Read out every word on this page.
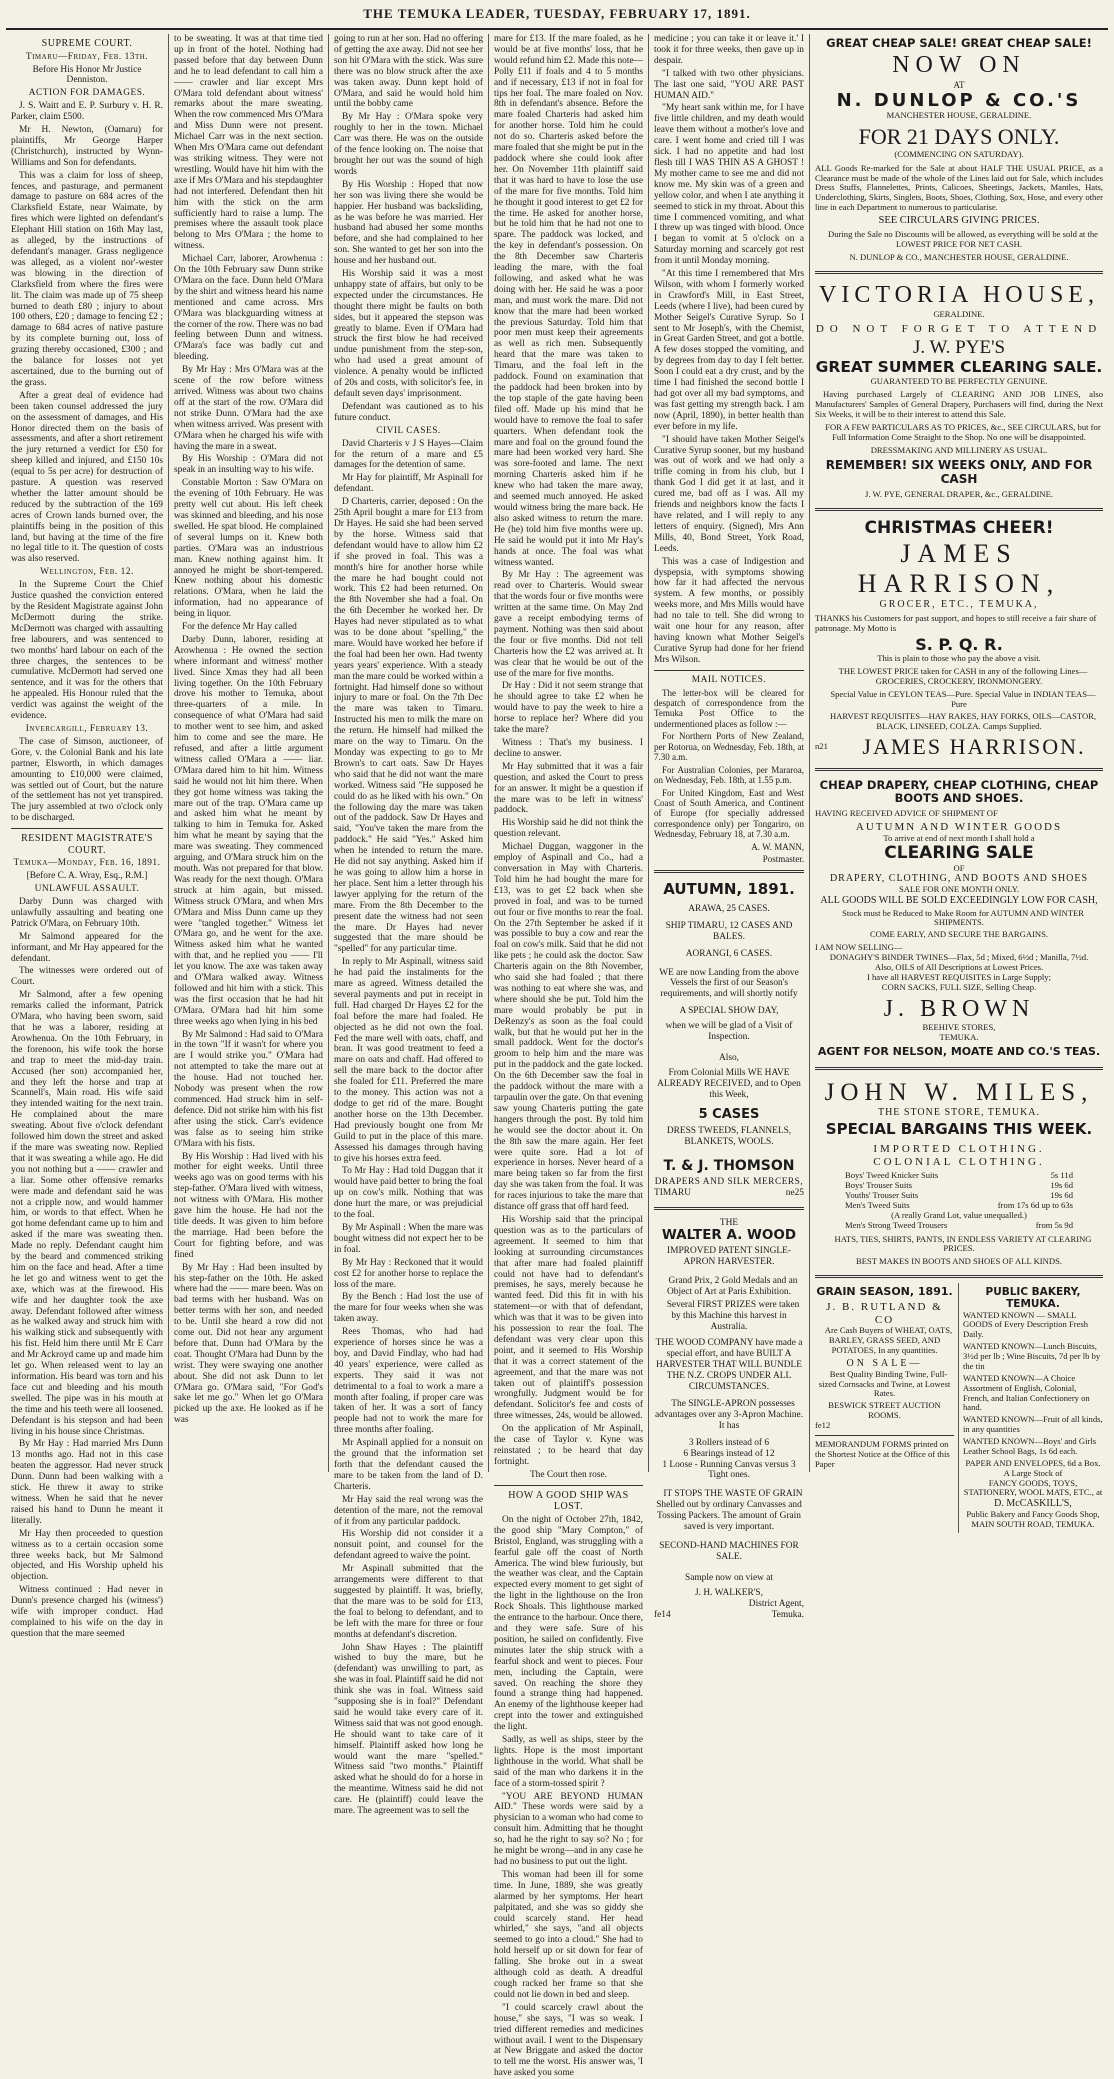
THE TEMUKA LEADER, TUESDAY, FEBRUARY 17, 1891.
SUPREME COURT.

Timaru—Friday, Feb. 13th.

Before His Honor Mr Justice Denniston.

ACTION FOR DAMAGES.

J. S. Waitt and E. P. Surbury v. H. R. Parker, claim £500.

Mr H. Newton, (Oamaru) for plaintiffs, Mr George Harper (Christchurch), instructed by Wynn-Williams and Son for defendants.

This was a claim for loss of sheep, fences, and pasturage, and permanent damage to pasture on 684 acres of the Clarksfield Estate, near Waimate, by fires which were lighted on defendant's Elephant Hill station on 16th May last, as alleged, by the instructions of defendant's manager. Grass negligence was alleged, as a violent nor'-wester was blowing in the direction of Clarksfield from where the fires were lit. The claim was made up of 75 sheep burned to death £80 ; injury to about 100 others, £20 ; damage to fencing £2 ; damage to 684 acres of native pasture by its complete burning out, loss of grazing thereby occasioned, £300 ; and the balance for losses not yet ascertained, due to the burning out of the grass.

After a great deal of evidence had been taken counsel addressed the jury on the assessment of damages, and His Honor directed them on the basis of assessments, and after a short retirement the jury returned a verdict for £50 for sheep killed and injured, and £150 10s (equal to 5s per acre) for destruction of pasture. A question was reserved whether the latter amount should be reduced by the subtraction of the 169 acres of Crown lands burned over, the plaintiffs being in the position of this land, but having at the time of the fire no legal title to it. The question of costs was also reserved.

Wellington, Feb. 12.

In the Supreme Court the Chief Justice quashed the conviction entered by the Resident Magistrate against John McDermott during the strike. McDermott was charged with assaulting free labourers, and was sentenced to two months' hard labour on each of the three charges, the sentences to be cumulative. McDermott had served one sentence, and it was for the others that he appealed. His Honour ruled that the verdict was against the weight of the evidence.

Invercargill, February 13.

The case of Simson, auctioneer, of Gore, v. the Colonial Bank and his late partner, Elsworth, in which damages amounting to £10,000 were claimed, was settled out of Court, but the nature of the settlement has not yet transpired. The jury assembled at two o'clock only to be discharged.

RESIDENT MAGISTRATE'S COURT.

Temuka—Monday, Feb. 16, 1891.

[Before C. A. Wray, Esq., R.M.]

UNLAWFUL ASSAULT.

Darby Dunn was charged with unlawfully assaulting and beating one Patrick O'Mara, on February 10th.

Mr Salmond appeared for the informant, and Mr Hay appeared for the defendant.

The witnesses were ordered out of Court.

Mr Salmond, after a few opening remarks called the informant, Patrick O'Mara, who having been sworn, said that he was a laborer, residing at Arowhenua. On the 10th February, in the forenoon, his wife took the horse and trap to meet the mid-day train. Accused (her son) accompanied her, and they left the horse and trap at Scannell's, Main road. His wife said they intended waiting for the next train. He complained about the mare sweating. About five o'clock defendant followed him down the street and asked if the mare was sweating now. Replied that it was sweating a while ago. He did you not nothing but a —— crawler and a liar. Some other offensive remarks were made and defendant said he was not a cripple now, and would hammer him, or words to that effect. When he got home defendant came up to him and asked if the mare was sweating then. Made no reply. Defendant caught him by the beard and commenced striking him on the face and head. After a time he let go and witness went to get the axe, which was at the firewood. His wife and her daughter took the axe away. Defendant followed after witness as he walked away and struck him with his walking stick and subsequently with his fist. Held him there until Mr E Carr and Mr Ackroyd came up and made him let go. When released went to lay an information. His beard was torn and his face cut and bleeding and his mouth swelled. The pipe was in his mouth at the time and his teeth were all loosened. Defendant is his stepson and had been living in his house since Christmas.

By Mr Hay : Had married Mrs Dunn 13 months ago. Had not in this case beaten the aggressor. Had never struck Dunn. Dunn had been walking with a stick. He threw it away to strike witness. When he said that he never raised his hand to Dunn he meant it literally.

Mr Hay then proceeded to question witness as to a certain occasion some three weeks back, but Mr Salmond objected, and His Worship upheld his objection.

Witness continued : Had never in Dunn's presence charged his (witness') wife with improper conduct. Had complained to his wife on the day in question that the mare seemed

to be sweating. It was at that time tied up in front of the hotel. Nothing had passed before that day between Dunn and he to lead defendant to call him a —— crawler and liar except Mrs O'Mara told defendant about witness' remarks about the mare sweating. When the row commenced Mrs O'Mara and Miss Dunn were not present. Michael Carr was in the next section. When Mrs O'Mara came out defendant was striking witness. They were not wrestling. Would have hit him with the axe if Mrs O'Mara and his stepdaughter had not interfered. Defendant then hit him with the stick on the arm sufficiently hard to raise a lump. The premises where the assault took place belong to Mrs O'Mara ; the home to witness.

Michael Carr, laborer, Arowhenua : On the 10th February saw Dunn strike O'Mara on the face. Dunn held O'Mara by the shirt and witness heard his name mentioned and came across. Mrs O'Mara was blackguarding witness at the corner of the row. There was no bad feeling between Dunn and witness. O'Mara's face was badly cut and bleeding.

By Mr Hay : Mrs O'Mara was at the scene of the row before witness arrived. Witness was about two chains off at the start of the row. O'Mara did not strike Dunn. O'Mara had the axe when witness arrived. Was present with O'Mara when he charged his wife with having the mare in a sweat.

By His Worship : O'Mara did not speak in an insulting way to his wife.

Constable Morton : Saw O'Mara on the evening of 10th February. He was pretty well cut about. His left cheek was skinned and bleeding, and his nose swelled. He spat blood. He complained of several lumps on it. Knew both parties. O'Mara was an industrious man. Knew nothing against him. It annoyed he might be short-tempered. Knew nothing about his domestic relations. O'Mara, when he laid the information, had no appearance of being in liquor.

For the defence Mr Hay called

Darby Dunn, laborer, residing at Arowhenua : He owned the section where informant and witness' mother lived. Since Xmas they had all been living together. On the 10th February drove his mother to Temuka, about three-quarters of a mile. In consequence of what O'Mara had said to mother went to see him, and asked him to come and see the mare. He refused, and after a little argument witness called O'Mara a —— liar. O'Mara dared him to hit him. Witness said he would not hit him there. When they got home witness was taking the mare out of the trap. O'Mara came up and asked him what he meant by talking to him in Temuka for. Asked him what he meant by saying that the mare was sweating. They commenced arguing, and O'Mara struck him on the mouth. Was not prepared for that blow. Was ready for the next though. O'Mara struck at him again, but missed. Witness struck O'Mara, and when Mrs O'Mara and Miss Dunn came up they were "tangled together." Witness let O'Mara go, and he went for the axe. Witness asked him what he wanted with that, and he replied you —— I'll let you know. The axe was taken away and O'Mara walked away. Witness followed and hit him with a stick. This was the first occasion that he had hit O'Mara. O'Mara had hit him some three weeks ago when lying in his bed

By Mr Salmond : Had said to O'Mara in the town "If it wasn't for where you are I would strike you." O'Mara had not attempted to take the mare out at the house. Had not touched her. Nobody was present when the row commenced. Had struck him in self-defence. Did not strike him with his fist after using the stick. Carr's evidence was false as to seeing him strike O'Mara with his fists.

By His Worship : Had lived with his mother for eight weeks. Until three weeks ago was on good terms with his step-father. O'Mara lived with witness, not witness with O'Mara. His mother gave him the house. He had not the title deeds. It was given to him before the marriage. Had been before the Court for fighting before, and was fined

By Mr Hay : Had been insulted by his step-father on the 10th. He asked where had the —— mare been. Was on bad terms with her husband. Was on better terms with her son, and needed to be. Until she heard a row did not come out. Did not hear any argument before that. Dunn had O'Mara by the coat. Thought O'Mara had Dunn by the wrist. They were swaying one another about. She did not ask Dunn to let O'Mara go. O'Mara said, "For God's sake let me go." When let go O'Mara picked up the axe. He looked as if he was

going to run at her son. Had no offering of getting the axe away. Did not see her son hit O'Mara with the stick. Was sure there was no blow struck after the axe was taken away. Dunn kept hold of O'Mara, and said he would hold him until the bobby came

By Mr Hay : O'Mara spoke very roughly to her in the town. Michael Carr was there. He was on the outside of the fence looking on. The noise that brought her out was the sound of high words

By His Worship : Hoped that now her son was living there she would be happier. Her husband was backsliding, as he was before he was married. Her husband had abused her some months before, and she had complained to her son. She wanted to get her son into the house and her husband out.

His Worship said it was a most unhappy state of affairs, but only to be expected under the circumstances. He thought there might be faults on both sides, but it appeared the stepson was greatly to blame. Even if O'Mara had struck the first blow he had received undue punishment from the step-son, who had used a great amount of violence. A penalty would be inflicted of 20s and costs, with solicitor's fee, in default seven days' imprisonment.

Defendant was cautioned as to his future conduct.

CIVIL CASES.

David Charteris v J S Hayes—Claim for the return of a mare and £5 damages for the detention of same.

Mr Hay for plaintiff, Mr Aspinall for defendant.

D Charteris, carrier, deposed : On the 25th April bought a mare for £13 from Dr Hayes. He said she had been served by the horse. Witness said that defendant would have to allow him £2 if she proved in foal. This was a month's hire for another horse while the mare he had bought could not work. This £2 had been returned. On the 8th November she had a foal. On the 6th December he worked her. Dr Hayes had never stipulated as to what was to be done about "spelling," the mare. Would have worked her before if the foal had been her own. Had twenty years years' experience. With a steady man the mare could be worked within a fortnight. Had himself done so without injury to mare or foal. On the 7th Dec the mare was taken to Timaru. Instructed his men to milk the mare on the return. He himself had milked the mare on the way to Timaru. On the Monday was expecting to go to Mr Brown's to cart oats. Saw Dr Hayes who said that he did not want the mare worked. Witness said "He supposed he could do as he liked with his own." On the following day the mare was taken out of the paddock. Saw Dr Hayes and said, "You've taken the mare from the paddock." He said "Yes." Asked him when he intended to return the mare. He did not say anything. Asked him if he was going to allow him a horse in her place. Sent him a letter through his lawyer applying for the return of the mare. From the 8th December to the present date the witness had not seen the mare. Dr Hayes had never suggested that the mare should be "spelled" for any particular time.

In reply to Mr Aspinall, witness said he had paid the instalments for the mare as agreed. Witness detailed the several payments and put in receipt in full. Had charged Dr Hayes £2 for the foal before the mare had foaled. He objected as he did not own the foal. Fed the mare well with oats, chaff, and bran. It was good treatment to feed a mare on oats and chaff. Had offered to sell the mare back to the doctor after she foaled for £11. Preferred the mare to the money. This action was not a dodge to get rid of the mare. Bought another horse on the 13th December. Had previously bought one from Mr Guild to put in the place of this mare. Assessed his damages through having to give his horses extra feed.

To Mr Hay : Had told Duggan that it would have paid better to bring the foal up on cow's milk. Nothing that was done hurt the mare, or was prejudicial to the foal.

By Mr Aspinall : When the mare was bought witness did not expect her to be in foal.

By Mr Hay : Reckoned that it would cost £2 for another horse to replace the loss of the mare.

By the Bench : Had lost the use of the mare for four weeks when she was taken away.

Rees Thomas, who had had experience of horses since he was a boy, and David Findlay, who had had 40 years' experience, were called as experts. They said it was not detrimental to a foal to work a mare a month after foaling, if proper care was taken of her. It was a sort of fancy people had not to work the mare for three months after foaling.

Mr Aspinall applied for a nonsuit on the ground that the information set forth that the defendant caused the mare to be taken from the land of D. Charteris.

Mr Hay said the real wrong was the detention of the mare, not the removal of it from any particular paddock.

His Worship did not consider it a nonsuit point, and counsel for the defendant agreed to waive the point.

Mr Aspinall submitted that the arrangements were different to that suggested by plaintiff. It was, briefly, that the mare was to be sold for £13, the foal to belong to defendant, and to be left with the mare for three or four months at defendant's discretion.

John Shaw Hayes : The plaintiff wished to buy the mare, but he (defendant) was unwilling to part, as she was in foal. Plaintiff said he did not think she was in foal. Witness said "supposing she is in foal?" Defendant said he would take every care of it. Witness said that was not good enough. He should want to take care of it himself. Plaintiff asked how long he would want the mare "spelled." Witness said "two months." Plaintiff asked what he should do for a horse in the meantime. Witness said he did not care. He (plaintiff) could leave the mare. The agreement was to sell the

mare for £13. If the mare foaled, as he would be at five months' loss, that he would refund him £2. Made this note—Polly £11 if foals and 4 to 5 months and if necessary, £13 if not in foal for tips her foal. The mare foaled on Nov. 8th in defendant's absence. Before the mare foaled Charteris had asked him for another horse. Told him he could not do so. Charteris asked before the mare foaled that she might be put in the paddock where she could look after her. On November 11th plaintiff said that it was hard to have to lose the use of the mare for five months. Told him he thought it good interest to get £2 for the time. He asked for another horse, but he told him that he had not one to spare. The paddock was locked, and the key in defendant's possession. On the 8th December saw Charteris leading the mare, with the foal following, and asked what he was doing with her. He said he was a poor man, and must work the mare. Did not know that the mare had been worked the previous Saturday. Told him that poor men must keep their agreements as well as rich men. Subsequently heard that the mare was taken to Timaru, and the foal left in the paddock. Found on examination that the paddock had been broken into by the top staple of the gate having been filed off. Made up his mind that he would have to remove the foal to safer quarters. When defendant took the mare and foal on the ground found the mare had been worked very hard. She was sore-footed and lame. The next morning Charteris asked him if he knew who had taken the mare away, and seemed much annoyed. He asked would witness bring the mare back. He also asked witness to return the mare. He (he) told him five months were up. He said he would put it into Mr Hay's hands at once. The foal was what witness wanted.

By Mr Hay : The agreement was read over to Charteris. Would swear that the words four or five months were written at the same time. On May 2nd gave a receipt embodying terms of payment. Nothing was then said about the four or five months. Did not tell Charteris how the £2 was arrived at. It was clear that he would be out of the use of the mare for five months.

Dr Hay : Did it not seem strange that he should agree to take £2 when he would have to pay the week to hire a horse to replace her? Where did you take the mare?

Witness : That's my business. I decline to answer.

Mr Hay submitted that it was a fair question, and asked the Court to press for an answer. It might be a question if the mare was to be left in witness' paddock.

His Worship said he did not think the question relevant.

Michael Duggan, waggoner in the employ of Aspinall and Co., had a conversation in May with Charteris. Told him he had bought the mare for £13, was to get £2 back when she proved in foal, and was to be turned out four or five months to rear the foal. On the 27th September he asked if it was possible to buy a cow and rear the foal on cow's milk. Said that he did not like pets ; he could ask the doctor. Saw Charteris again on the 8th November, who said she had foaled ; that there was nothing to eat where she was, and where should she be put. Told him the mare would probably be put in DeRenzy's as soon as the foal could walk, but that he would put her in the small paddock. Went for the doctor's groom to help him and the mare was put in the paddock and the gate locked. On the 6th December saw the foal in the paddock without the mare with a tarpaulin over the gate. On that evening saw young Charteris putting the gate hangers through the post. By told him he would see the doctor about it. On the 8th saw the mare again. Her feet were quite sore. Had a lot of experience in horses. Never heard of a mare being taken so far from the first day she was taken from the foal. It was for races injurious to take the mare that distance off grass that off hard feed.

His Worship said that the principal question was as to the particulars of agreement. It seemed to him that looking at surrounding circumstances that after mare had foaled plaintiff could not have had to defendant's premises, he says, merely because he wanted feed. Did this fit in with his statement—or with that of defendant, which was that it was to be given into his possession to rear the foal. The defendant was very clear upon this point, and it seemed to His Worship that it was a correct statement of the agreement, and that the mare was not taken out of plaintiff's possession wrongfully. Judgment would be for defendant. Solicitor's fee and costs of three witnesses, 24s, would be allowed.

On the application of Mr Aspinall, the case of Taylor v. Kyne was reinstated ; to be heard that day fortnight.

The Court then rose.

HOW A GOOD SHIP WAS LOST.

On the night of October 27th, 1842, the good ship "Mary Compton," of Bristol, England, was struggling with a fearful gale off the coast of North America. The wind blew furiously, but the weather was clear, and the Captain expected every moment to get sight of the light in the lighthouse on the Iron Rock Shoals. This lighthouse marked the entrance to the harbour. Once there, and they were safe. Sure of his position, he sailed on confidently. Five minutes later the ship struck with a fearful shock and went to pieces. Four men, including the Captain, were saved. On reaching the shore they found a strange thing had happened. An enemy of the lighthouse keeper had crept into the tower and extinguished the light.

Sadly, as well as ships, steer by the lights. Hope is the most important lighthouse in the world. What shall be said of the man who darkens it in the face of a storm-tossed spirit ?

"YOU ARE BEYOND HUMAN AID." These words were said by a physician to a woman who had come to consult him. Admitting that he thought so, had he the right to say so? No ; for he might be wrong—and in any case he had no business to put out the light.

This woman had been ill for some time. In June, 1889, she was greatly alarmed by her symptoms. Her heart palpitated, and she was so giddy she could scarcely stand. Her head whirled," she says, "and all objects seemed to go into a cloud." She had to hold herself up or sit down for fear of falling. She broke out in a sweat although cold as death. A dreadful cough racked her frame so that she could not lie down in bed and sleep.

"I could scarcely crawl about the house," she says, "I was so weak. I tried different remedies and medicines without avail. I went to the Dispensary at New Briggate and asked the doctor to tell me the worst. His answer was, 'I have asked you some

medicine ; you can take it or leave it.' I took it for three weeks, then gave up in despair.

"I talked with two other physicians. The last one said, "YOU ARE PAST HUMAN AID."

"My heart sank within me, for I have five little children, and my death would leave them without a mother's love and care. I went home and cried till I was sick. I had no appetite and had lost flesh till I WAS THIN AS A GHOST ! My mother came to see me and did not know me. My skin was of a green and yellow color, and when I ate anything it seemed to stick in my throat. About this time I commenced vomiting, and what I threw up was tinged with blood. Once I began to vomit at 5 o'clock on a Saturday morning and scarcely got rest from it until Monday morning.

"At this time I remembered that Mrs Wilson, with whom I formerly worked in Crawford's Mill, in East Street, Leeds (where I live), had been cured by Mother Seigel's Curative Syrup. So I sent to Mr Joseph's, with the Chemist, in Great Garden Street, and got a bottle. A few doses stopped the vomiting, and by degrees from day to day I felt better. Soon I could eat a dry crust, and by the time I had finished the second bottle I had got over all my bad symptoms, and was fast getting my strength back. I am now (April, 1890), in better health than ever before in my life.

"I should have taken Mother Seigel's Curative Syrup sooner, but my husband was out of work and we had only a trifle coming in from his club, but I thank God I did get it at last, and it cured me, bad off as I was. All my friends and neighbors know the facts I have related, and I will reply to any letters of enquiry. (Signed), Mrs Ann Mills, 40, Bond Street, York Road, Leeds.

This was a case of Indigestion and dyspepsia, with symptoms showing how far it had affected the nervous system. A few months, or possibly weeks more, and Mrs Mills would have had no tale to tell. She did wrong to wait one hour for any reason, after having known what Mother Seigel's Curative Syrup had done for her friend Mrs Wilson.

MAIL NOTICES.

The letter-box will be cleared for despatch of correspondence from the Temuka Post Office to the undermentioned places as follow :—

For Northern Ports of New Zealand, per Rotorua, on Wednesday, Feb. 18th, at 7.30 a.m.

For Australian Colonies, per Mararoa, on Wednesday, Feb. 18th, at 1.55 p.m.

For United Kingdom, East and West Coast of South America, and Continent of Europe (for specially addressed correspondence only) per Tongariro, on Wednesday, February 18, at 7.30 a.m.

A. W. MANN,

Postmaster.

AUTUMN, 1891.
ARAWA, 25 CASES.
SHIP TIMARU, 12 CASES AND BALES.
AORANGI, 6 CASES.

WE are now Landing from the above Vessels the first of our Season's requirements, and will shortly notify

A SPECIAL SHOW DAY,
when we will be glad of a Visit of Inspection.
Also,
From Colonial Mills WE HAVE ALREADY RECEIVED, and to Open this Week,
5 CASES
DRESS TWEEDS, FLANNELS, BLANKETS, WOOLS.
T. & J. THOMSON
DRAPERS AND SILK MERCERS,
TIMARU	ne25
THE
WALTER A. WOOD
IMPROVED PATENT SINGLE-APRON HARVESTER.

Grand Prix, 2 Gold Medals and an Object of Art at Paris Exhibition.

Several FIRST PRIZES were taken by this Machine this harvest in Australia.

THE WOOD COMPANY have made a special effort, and have BUILT A HARVESTER THAT WILL BUNDLE THE N.Z. CROPS UNDER ALL CIRCUMSTANCES.

The SINGLE-APRON possesses advantages over any 3-Apron Machine. It has

3 Rollers instead of 6
6 Bearings instead of 12
1 Loose - Running Canvas versus 3 Tight ones.

IT STOPS THE WASTE OF GRAIN Shelled out by ordinary Canvasses and Tossing Packers. The amount of Grain saved is very important.

SECOND-HAND MACHINES FOR SALE.
Sample now on view at
J. H. WALKER'S,
District Agent,
fe14	Temuka.
GREAT CHEAP SALE! GREAT CHEAP SALE!
NOW ON
AT
N. DUNLOP & CO.'S
MANCHESTER HOUSE, GERALDINE.
FOR 21 DAYS ONLY.
(COMMENCING ON SATURDAY).

ALL Goods Re-marked for the Sale at about HALF THE USUAL PRICE, as a Clearance must be made of the whole of the Lines laid out for Sale, which includes Dress Stuffs, Flannelettes, Prints, Calicoes, Sheetings, Jackets, Mantles, Hats, Underclothing, Skirts, Singlets, Boots, Shoes, Clothing, Sox, Hose, and every other line in each Department to numerous to particularise.

SEE CIRCULARS GIVING PRICES.

During the Sale no Discounts will be allowed, as everything will be sold at the LOWEST PRICE FOR NET CASH.

N. DUNLOP & CO., MANCHESTER HOUSE, GERALDINE.
VICTORIA HOUSE,
GERALDINE.
DO NOT FORGET TO ATTEND
J. W. PYE'S
GREAT SUMMER CLEARING SALE.
GUARANTEED TO BE PERFECTLY GENUINE.

Having purchased Largely of CLEARING AND JOB LINES, also Manufacturers' Samples of General Drapery, Purchasers will find, during the Next Six Weeks, it will be to their interest to attend this Sale.

FOR A FEW PARTICULARS AS TO PRICES, &c., SEE CIRCULARS, but for Full Information Come Straight to the Shop. No one will be disappointed.

DRESSMAKING AND MILLINERY AS USUAL.
REMEMBER! SIX WEEKS ONLY, AND FOR CASH
J. W. PYE, GENERAL DRAPER, &c., GERALDINE.
CHRISTMAS CHEER!
JAMES HARRISON,
GROCER, ETC., TEMUKA,

THANKS his Customers for past support, and hopes to still receive a fair share of patronage. My Motto is

S. P. Q. R.
This is plain to those who pay the above a visit.

THE LOWEST PRICE taken for CASH in any of the following Lines—GROCERIES, CROCKERY, IRONMONGERY.

Special Value in CEYLON TEAS—Pure. Special Value in INDIAN TEAS—Pure

HARVEST REQUISITES—HAY RAKES, HAY FORKS, OILS—CASTOR, BLACK, LINSEED, COLZA. Camps Supplied.

n21	JAMES HARRISON.
CHEAP DRAPERY, CHEAP CLOTHING, CHEAP BOOTS AND SHOES.

HAVING RECEIVED ADVICE OF SHIPMENT OF

AUTUMN AND WINTER GOODS
To arrive at end of next month I shall hold a
CLEARING SALE
OF
DRAPERY, CLOTHING, AND BOOTS AND SHOES
SALE FOR ONE MONTH ONLY.
ALL GOODS WILL BE SOLD EXCEEDINGLY LOW FOR CASH,

Stock must be Reduced to Make Room for AUTUMN AND WINTER SHIPMENTS.

COME EARLY, AND SECURE THE BARGAINS.
I AM NOW SELLING—
DONAGHY'S BINDER TWINES—Flax, 5d ; Mixed, 6½d ; Manilla, 7½d.
Also, OILS of All Descriptions at Lowest Prices.
I have all HARVEST REQUISITES in Large Supply;
CORN SACKS, FULL SIZE, Selling Cheap.
J. BROWN
BEEHIVE STORES,
TEMUKA.
AGENT FOR NELSON, MOATE AND CO.'S TEAS.
JOHN W. MILES,
THE STONE STORE, TEMUKA.
SPECIAL BARGAINS THIS WEEK.
IMPORTED CLOTHING.
COLONIAL CLOTHING.
Boys' Tweed Knicker Suits	5s 11d
Boys' Trouser Suits	19s 6d
Youths' Trouser Suits	19s 6d
Men's Tweed Suits	from 17s 6d up to 63s
(A really Grand Lot, value unequalled.)
Men's Strong Tweed Trousers	from 5s 9d

HATS, TIES, SHIRTS, PANTS, IN ENDLESS VARIETY AT CLEARING PRICES.

BEST MAKES IN BOOTS AND SHOES OF ALL KINDS.
GRAIN SEASON, 1891.
J. B. RUTLAND & CO

Are Cash Buyers of WHEAT, OATS, BARLEY, GRASS SEED, AND POTATOES, In any quantities.

ON SALE—

Best Quality Binding Twine, Full-sized Cornsacks and Twine, at Lowest Rates.

BESWICK STREET AUCTION ROOMS.
fe12

MEMORANDUM FORMS printed on the Shortest Notice at the Office of this Paper

PUBLIC BAKERY, TEMUKA.

WANTED KNOWN — SMALL GOODS of Every Description Fresh Daily.

WANTED KNOWN—Lunch Biscuits, 3½d per lb ; Wine Biscuits, 7d per lb by the tin

WANTED KNOWN—A Choice Assortment of English, Colonial, French, and Italian Confectionery on hand.

WANTED KNOWN—Fruit of all kinds, in any quantities

WANTED KNOWN—Boys' and Girls Leather School Bags, 1s 6d each.

PAPER AND ENVELOPES, 6d a Box.
A Large Stock of
FANCY GOODS, TOYS, STATIONERY, WOOL MATS, ETC., at
D. McCASKILL'S,
Public Bakery and Fancy Goods Shop, MAIN SOUTH ROAD, TEMUKA.
